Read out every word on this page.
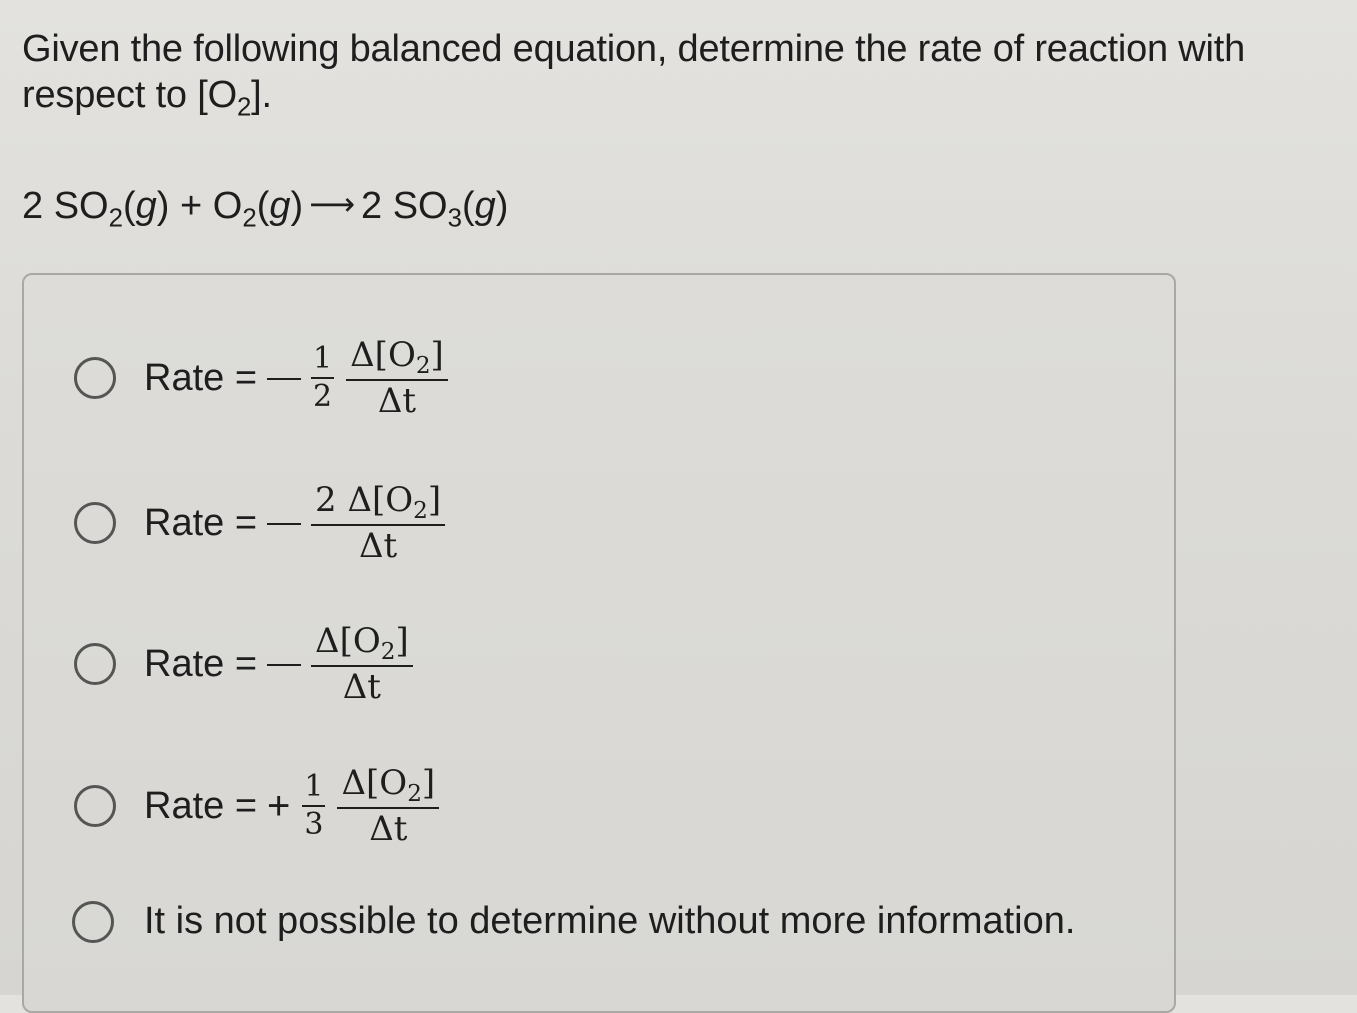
Given the following balanced equation, determine the rate of reaction with respect to $[O_2]$.
2 $SO_2(g) + O_2(g)$ ⟶ 2 $SO_3(g)$
Rate = $\frac{1}{2} \frac{\Delta[O_2]}{\Delta t}$
Rate = $\frac{2 \Delta[O_2]}{\Delta t}$
Rate = $\frac{\Delta[O_2]}{\Delta t}$
Rate = + $\frac{1}{3} \frac{\Delta[O_2]}{\Delta t}$
It is not possible to determine without more information.
